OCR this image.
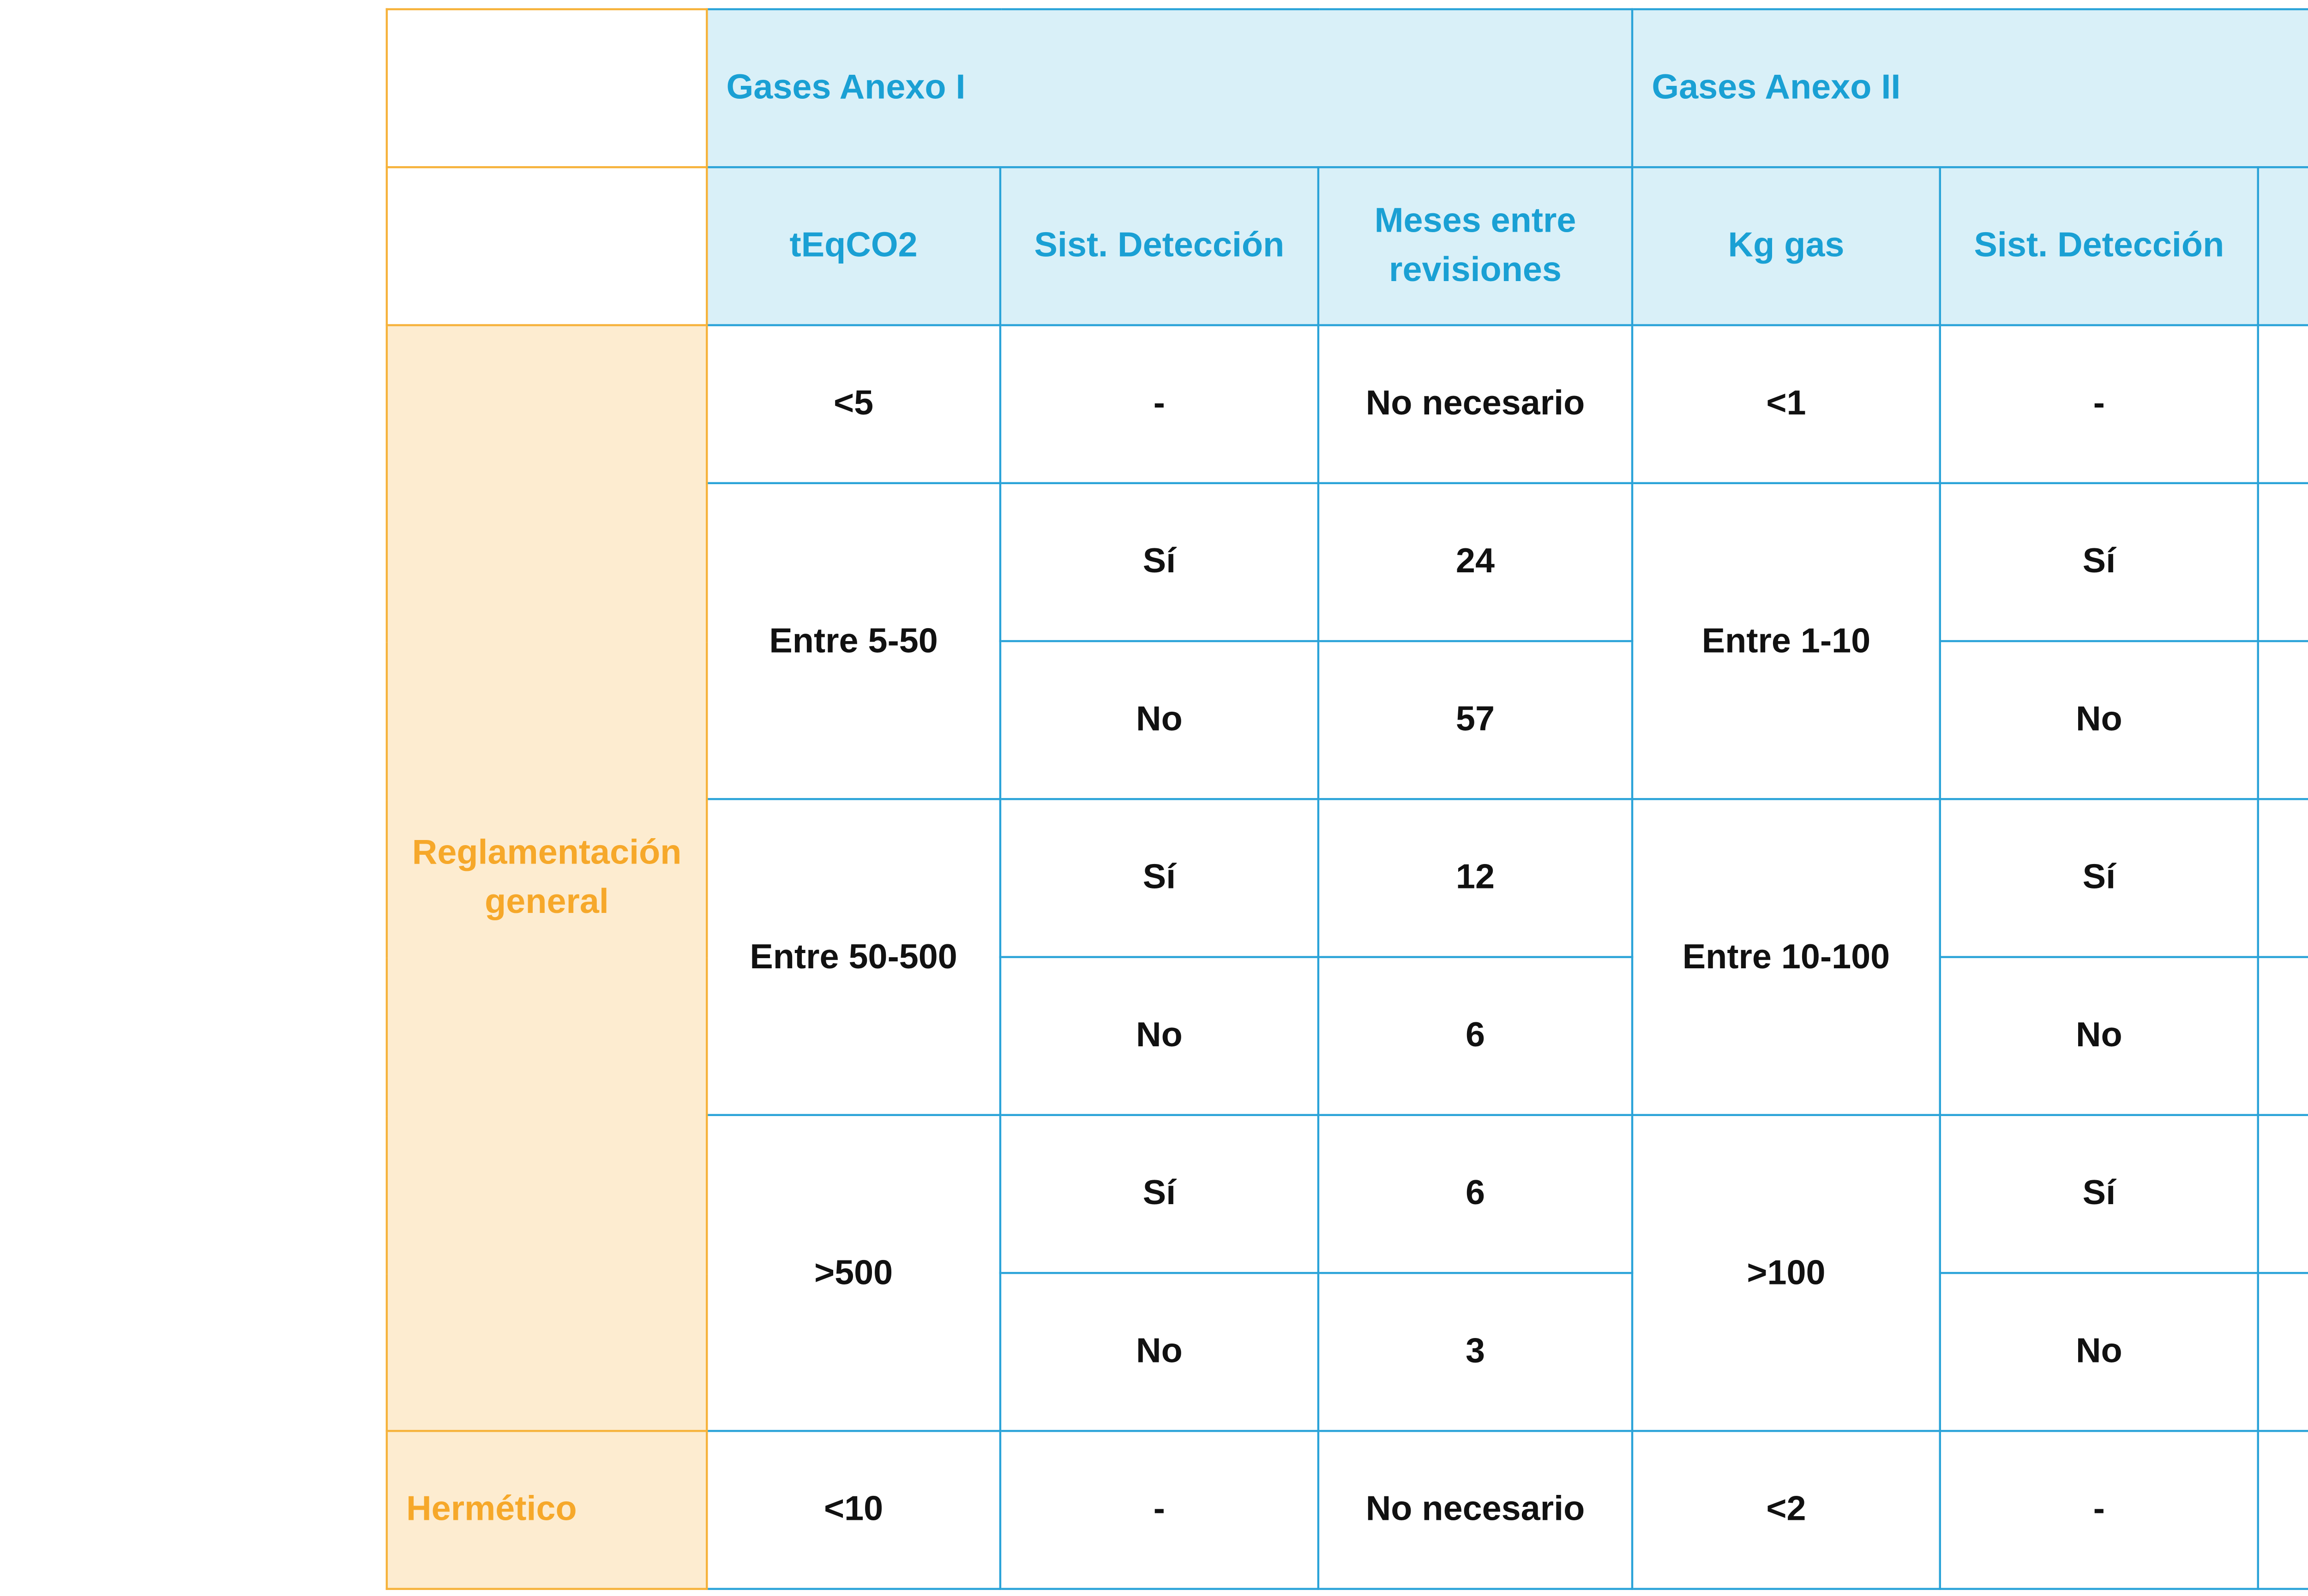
	Gases Anexo I			Gases Anexo II		
	tEqCO2	Sist. Detección	Meses entre revisiones	Kg gas	Sist. Detección	
Reglamentación general	<5	-	No necesario	<1	-	
	Entre 5-50	Sí	24	Entre 1-10	Sí	
		No	57		No	
	Entre 50-500	Sí	12	Entre 10-100	Sí	
		No	6		No	
	>500	Sí	6	>100	Sí	
		No	3		No	
Hermético	<10	-	No necesario	<2	-	
